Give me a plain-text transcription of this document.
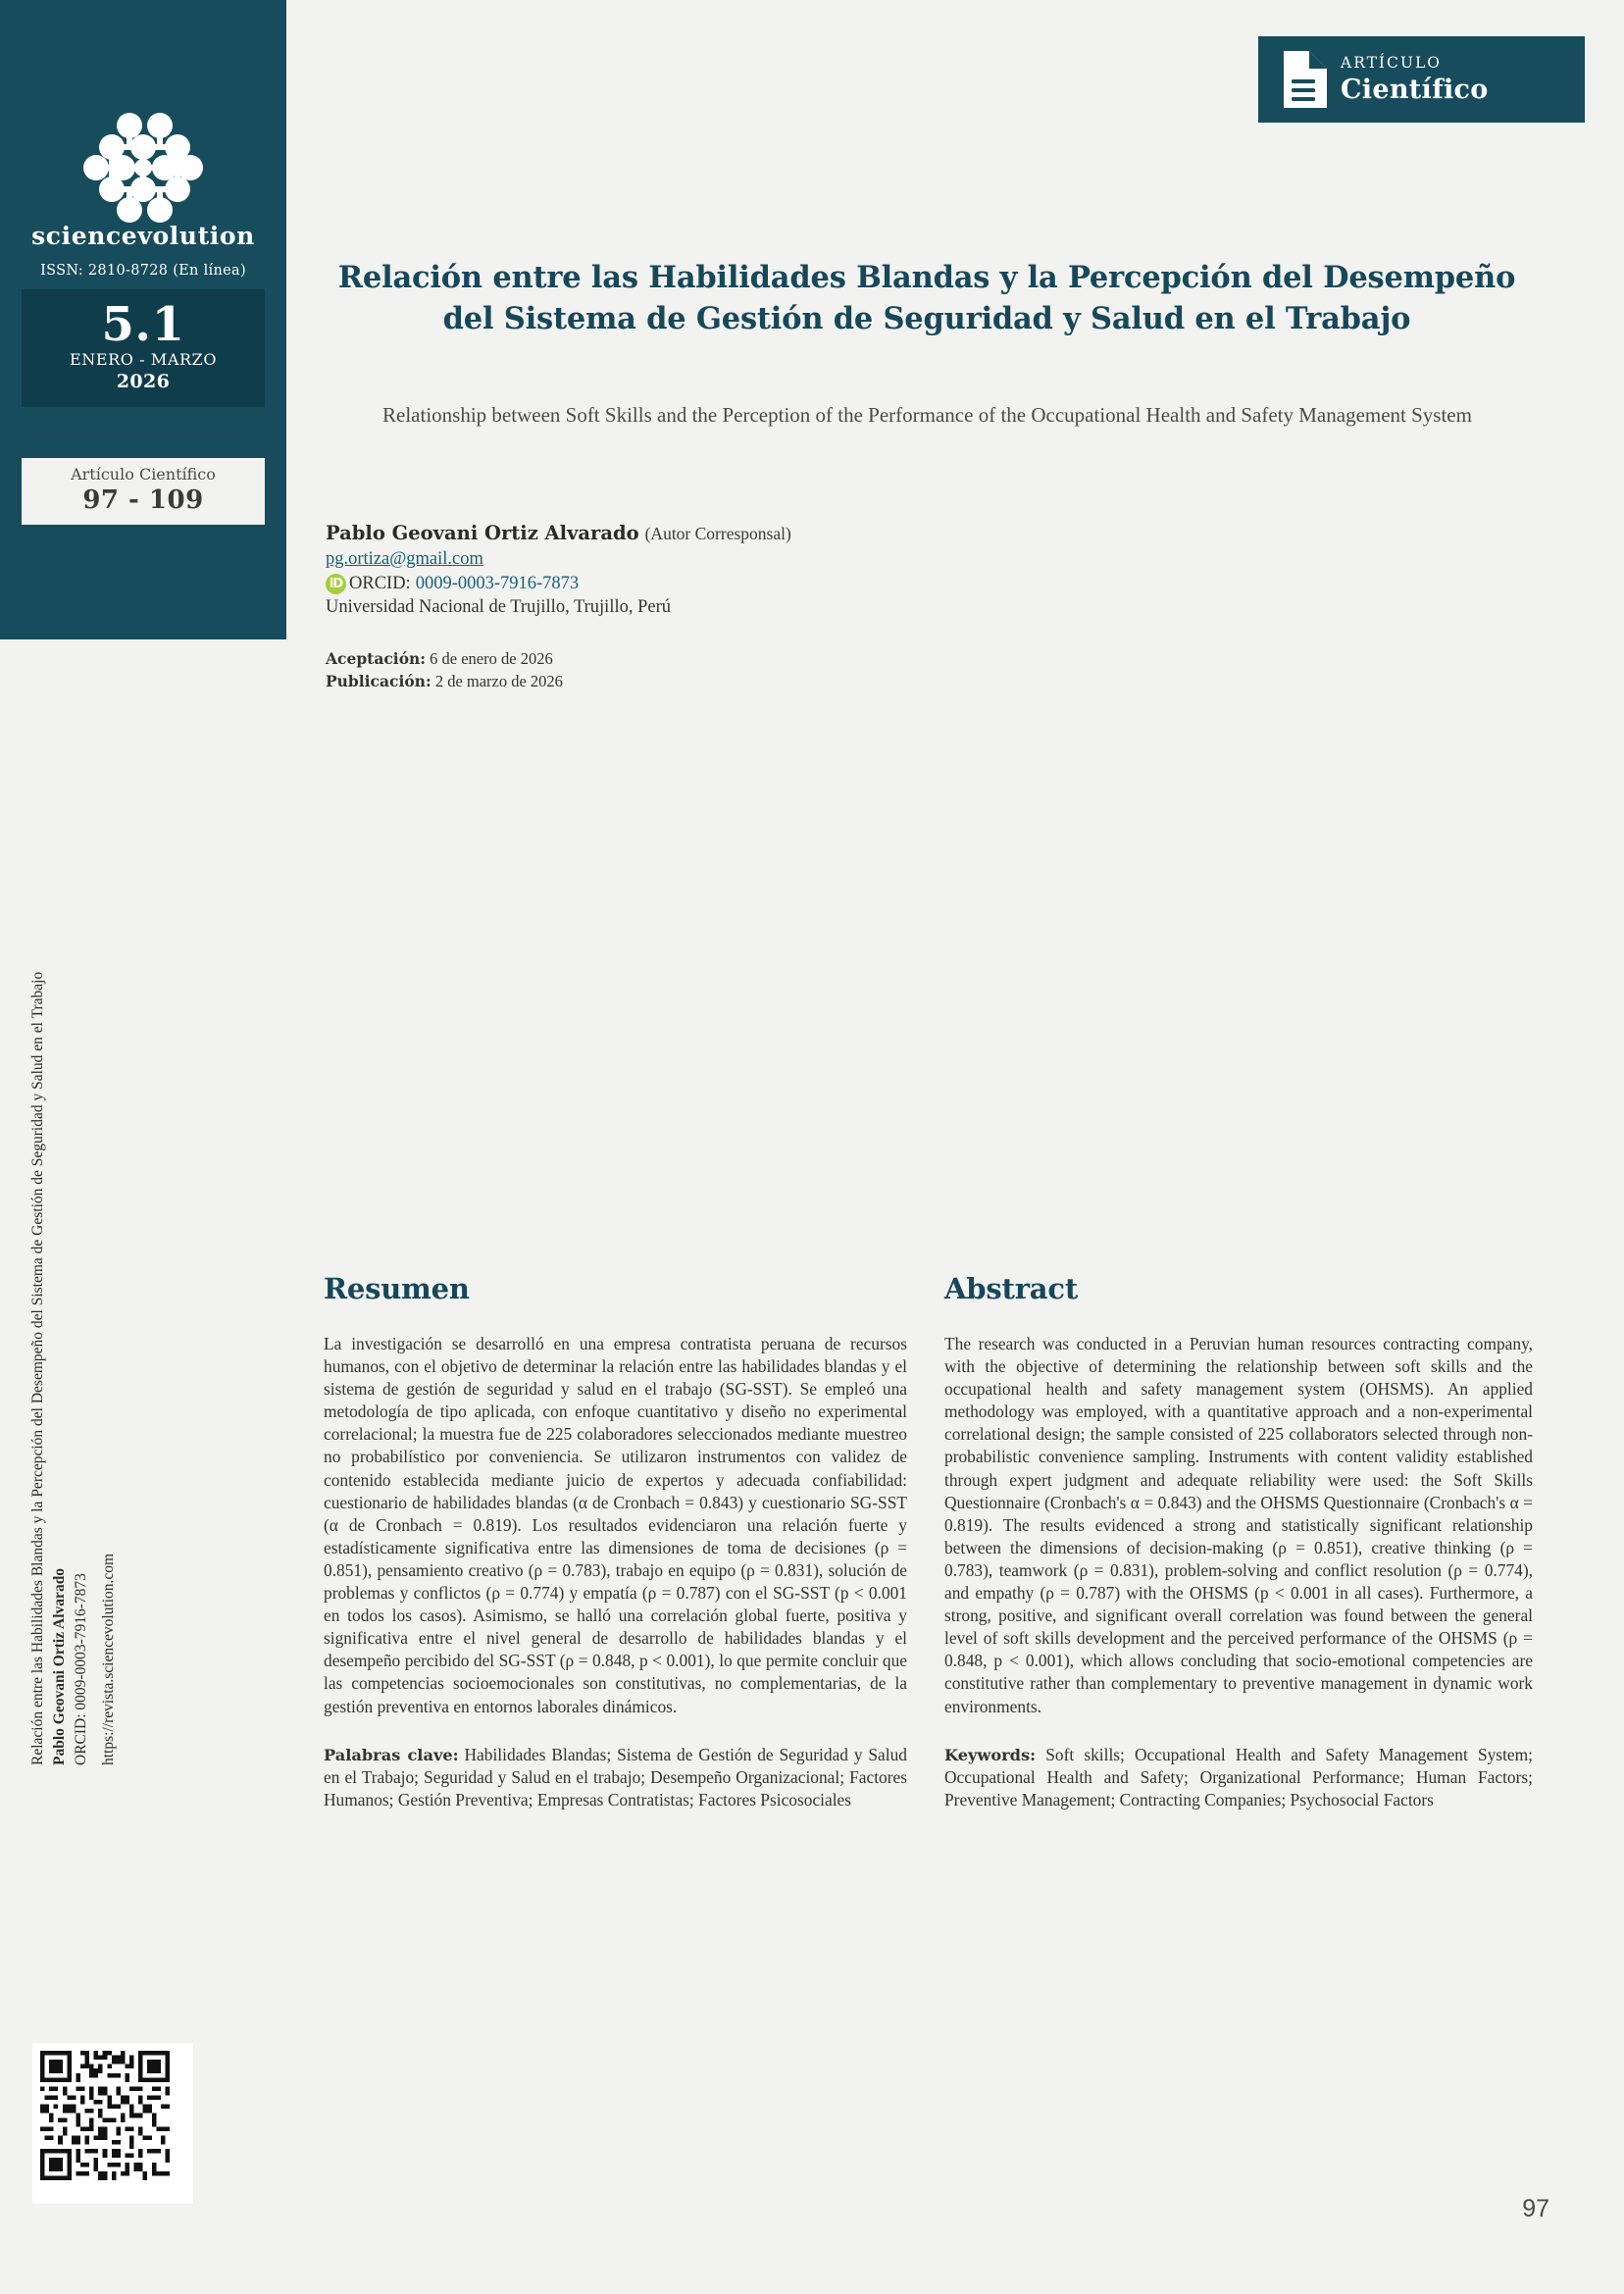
sciencevolution
ISSN: 2810-8728 (En línea)
5.1
ENERO - MARZO
2026
Artículo Científico
97 - 109
Relación entre las Habilidades Blandas y la Percepción del Desempeño del Sistema de Gestión de Seguridad y Salud en el Trabajo Pablo Geovani Ortiz Alvarado ORCID: 0009-0003-7916-7873 https://revista.sciencevolution.com
ARTÍCULO
Científico
Relación entre las Habilidades Blandas y la Percepción del Desempeño del Sistema de Gestión de Seguridad y Salud en el Trabajo
Relationship between Soft Skills and the Perception of the Performance of the Occupational Health and Safety Management System
Pablo Geovani Ortiz Alvarado (Autor Corresponsal)
pg.ortiza@gmail.com
iD ORCID: 0009-0003-7916-7873
Universidad Nacional de Trujillo, Trujillo, Perú
Aceptación: 6 de enero de 2026
Publicación: 2 de marzo de 2026
Resumen

La investigación se desarrolló en una empresa contratista peruana de recursos humanos, con el objetivo de determinar la relación entre las habilidades blandas y el sistema de gestión de seguridad y salud en el trabajo (SG-SST). Se empleó una metodología de tipo aplicada, con enfoque cuantitativo y diseño no experimental correlacional; la muestra fue de 225 colaboradores seleccionados mediante muestreo no probabilístico por conveniencia. Se utilizaron instrumentos con validez de contenido establecida mediante juicio de expertos y adecuada confiabilidad: cuestionario de habilidades blandas (α de Cronbach = 0.843) y cuestionario SG-SST (α de Cronbach = 0.819). Los resultados evidenciaron una relación fuerte y estadísticamente significativa entre las dimensiones de toma de decisiones (ρ = 0.851), pensamiento creativo (ρ = 0.783), trabajo en equipo (ρ = 0.831), solución de problemas y conflictos (ρ = 0.774) y empatía (ρ = 0.787) con el SG-SST (p < 0.001 en todos los casos). Asimismo, se halló una correlación global fuerte, positiva y significativa entre el nivel general de desarrollo de habilidades blandas y el desempeño percibido del SG-SST (ρ = 0.848, p < 0.001), lo que permite concluir que las competencias socioemocionales son constitutivas, no complementarias, de la gestión preventiva en entornos laborales dinámicos.

Palabras clave: Habilidades Blandas; Sistema de Gestión de Seguridad y Salud en el Trabajo; Seguridad y Salud en el trabajo; Desempeño Organizacional; Factores Humanos; Gestión Preventiva; Empresas Contratistas; Factores Psicosociales

Abstract

The research was conducted in a Peruvian human resources contracting company, with the objective of determining the relationship between soft skills and the occupational health and safety management system (OHSMS). An applied methodology was employed, with a quantitative approach and a non-experimental correlational design; the sample consisted of 225 collaborators selected through non-probabilistic convenience sampling. Instruments with content validity established through expert judgment and adequate reliability were used: the Soft Skills Questionnaire (Cronbach's α = 0.843) and the OHSMS Questionnaire (Cronbach's α = 0.819). The results evidenced a strong and statistically significant relationship between the dimensions of decision-making (ρ = 0.851), creative thinking (ρ = 0.783), teamwork (ρ = 0.831), problem-solving and conflict resolution (ρ = 0.774), and empathy (ρ = 0.787) with the OHSMS (p < 0.001 in all cases). Furthermore, a strong, positive, and significant overall correlation was found between the general level of soft skills development and the perceived performance of the OHSMS (ρ = 0.848, p < 0.001), which allows concluding that socio-emotional competencies are constitutive rather than complementary to preventive management in dynamic work environments.

Keywords: Soft skills; Occupational Health and Safety Management System; Occupational Health and Safety; Organizational Performance; Human Factors; Preventive Management; Contracting Companies; Psychosocial Factors

97
